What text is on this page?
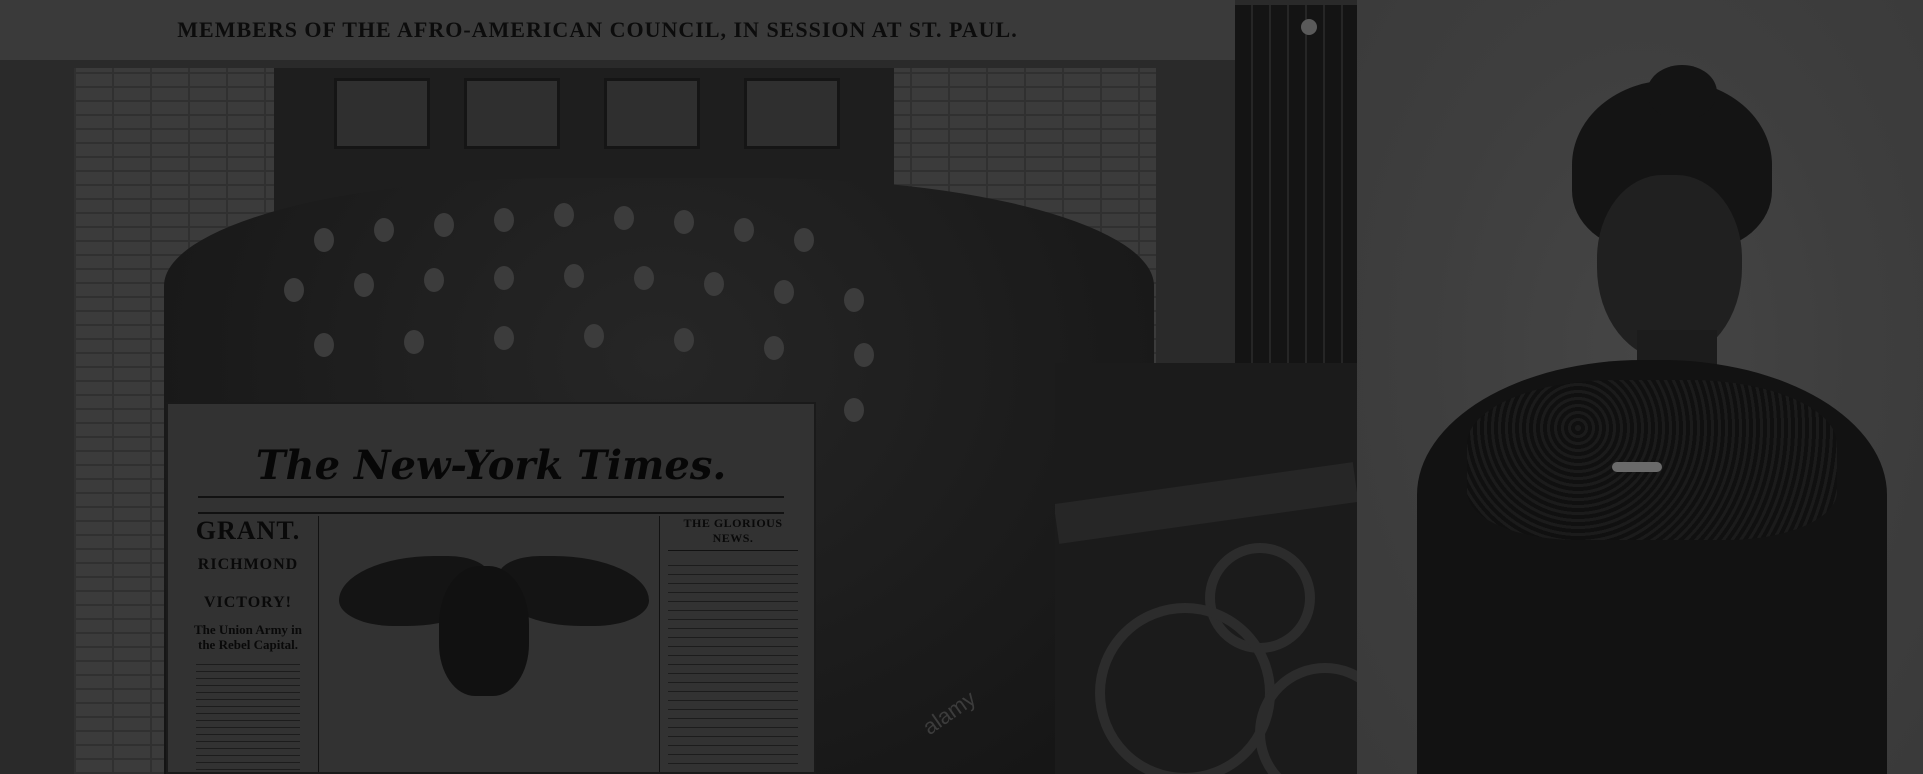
MEMBERS OF THE AFRO-AMERICAN COUNCIL, IN SESSION AT ST. PAUL.
The New-York Times.
GRANT.
RICHMOND
VICTORY!
The Union Army in the Rebel Capital.
THE GLORIOUS NEWS.
alamy
